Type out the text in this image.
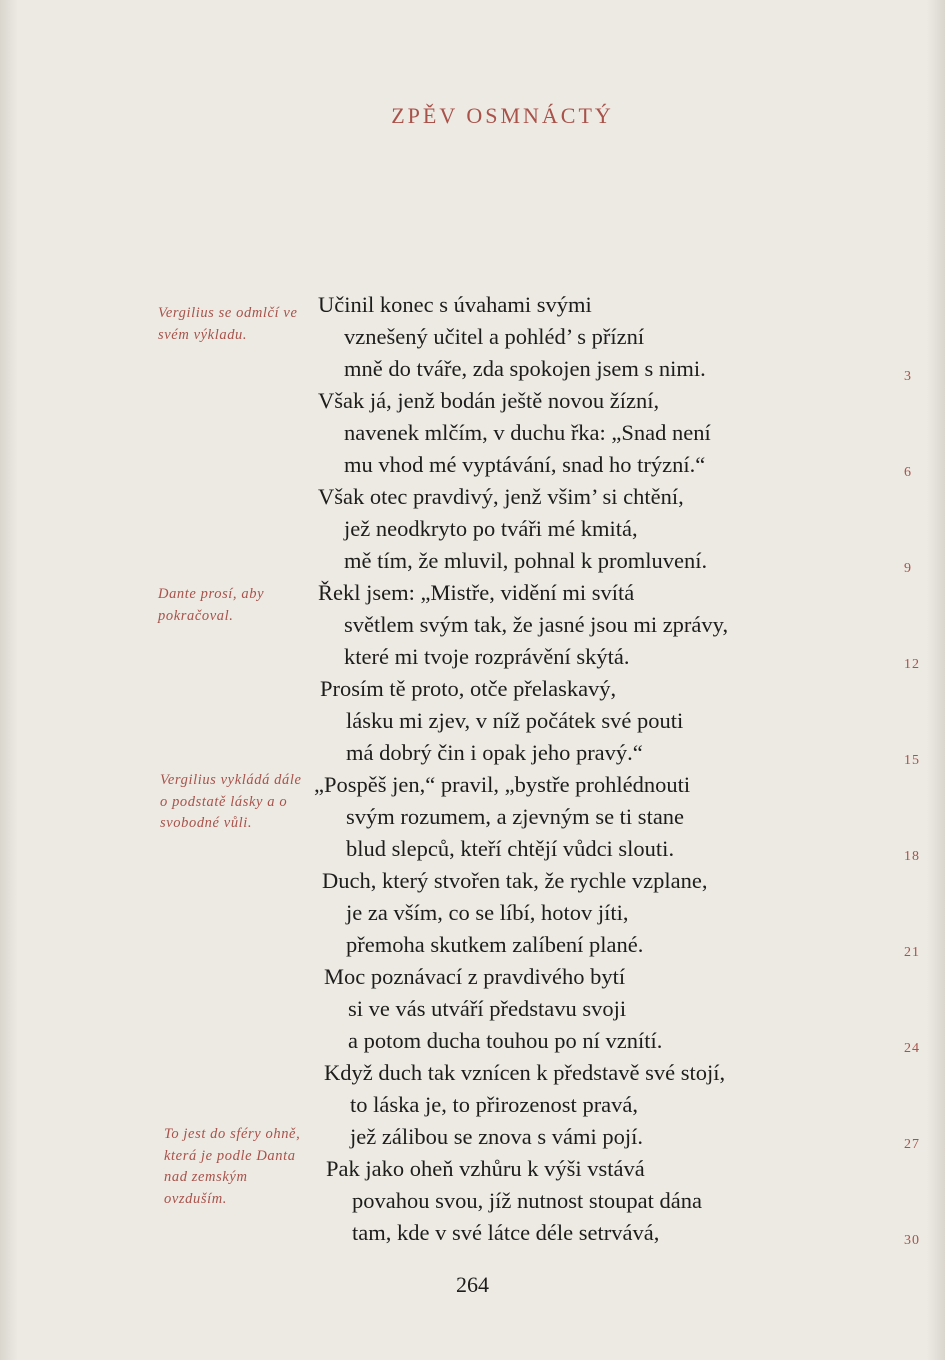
ZPĚV OSMNÁCTÝ
Vergilius se odmlčí ve svém výkladu.
Dante prosí, aby pokračoval.
Vergilius vykládá dále o podstatě lásky a o svobodné vůli.
To jest do sféry ohně, která je podle Danta nad zemským ovzduším.
Učinil konec s úvahami svými
vznešený učitel a pohléd’ s přízní
mně do tváře, zda spokojen jsem s nimi.	3
Však já, jenž bodán ještě novou žízní,
navenek mlčím, v duchu řka: „Snad není
mu vhod mé vyptávání, snad ho trýzní.“	6
Však otec pravdivý, jenž všim’ si chtění,
jež neodkryto po tváři mé kmitá,
mě tím, že mluvil, pohnal k promluvení.	9
Řekl jsem: „Mistře, vidění mi svítá
světlem svým tak, že jasné jsou mi zprávy,
které mi tvoje rozprávění skýtá.	12
Prosím tě proto, otče přelaskavý,
lásku mi zjev, v níž počátek své pouti
má dobrý čin i opak jeho pravý.“	15
„Pospěš jen,“ pravil, „bystře prohlédnouti
svým rozumem, a zjevným se ti stane
blud slepců, kteří chtějí vůdci slouti.	18
Duch, který stvořen tak, že rychle vzplane,
je za vším, co se líbí, hotov jíti,
přemoha skutkem zalíbení plané.	21
Moc poznávací z pravdivého bytí
si ve vás utváří představu svoji
a potom ducha touhou po ní vznítí.	24
Když duch tak vznícen k představě své stojí,
to láska je, to přirozenost pravá,
jež zálibou se znova s vámi pojí.	27
Pak jako oheň vzhůru k výši vstává
povahou svou, jíž nutnost stoupat dána
tam, kde v své látce déle setrvává,	30
264
